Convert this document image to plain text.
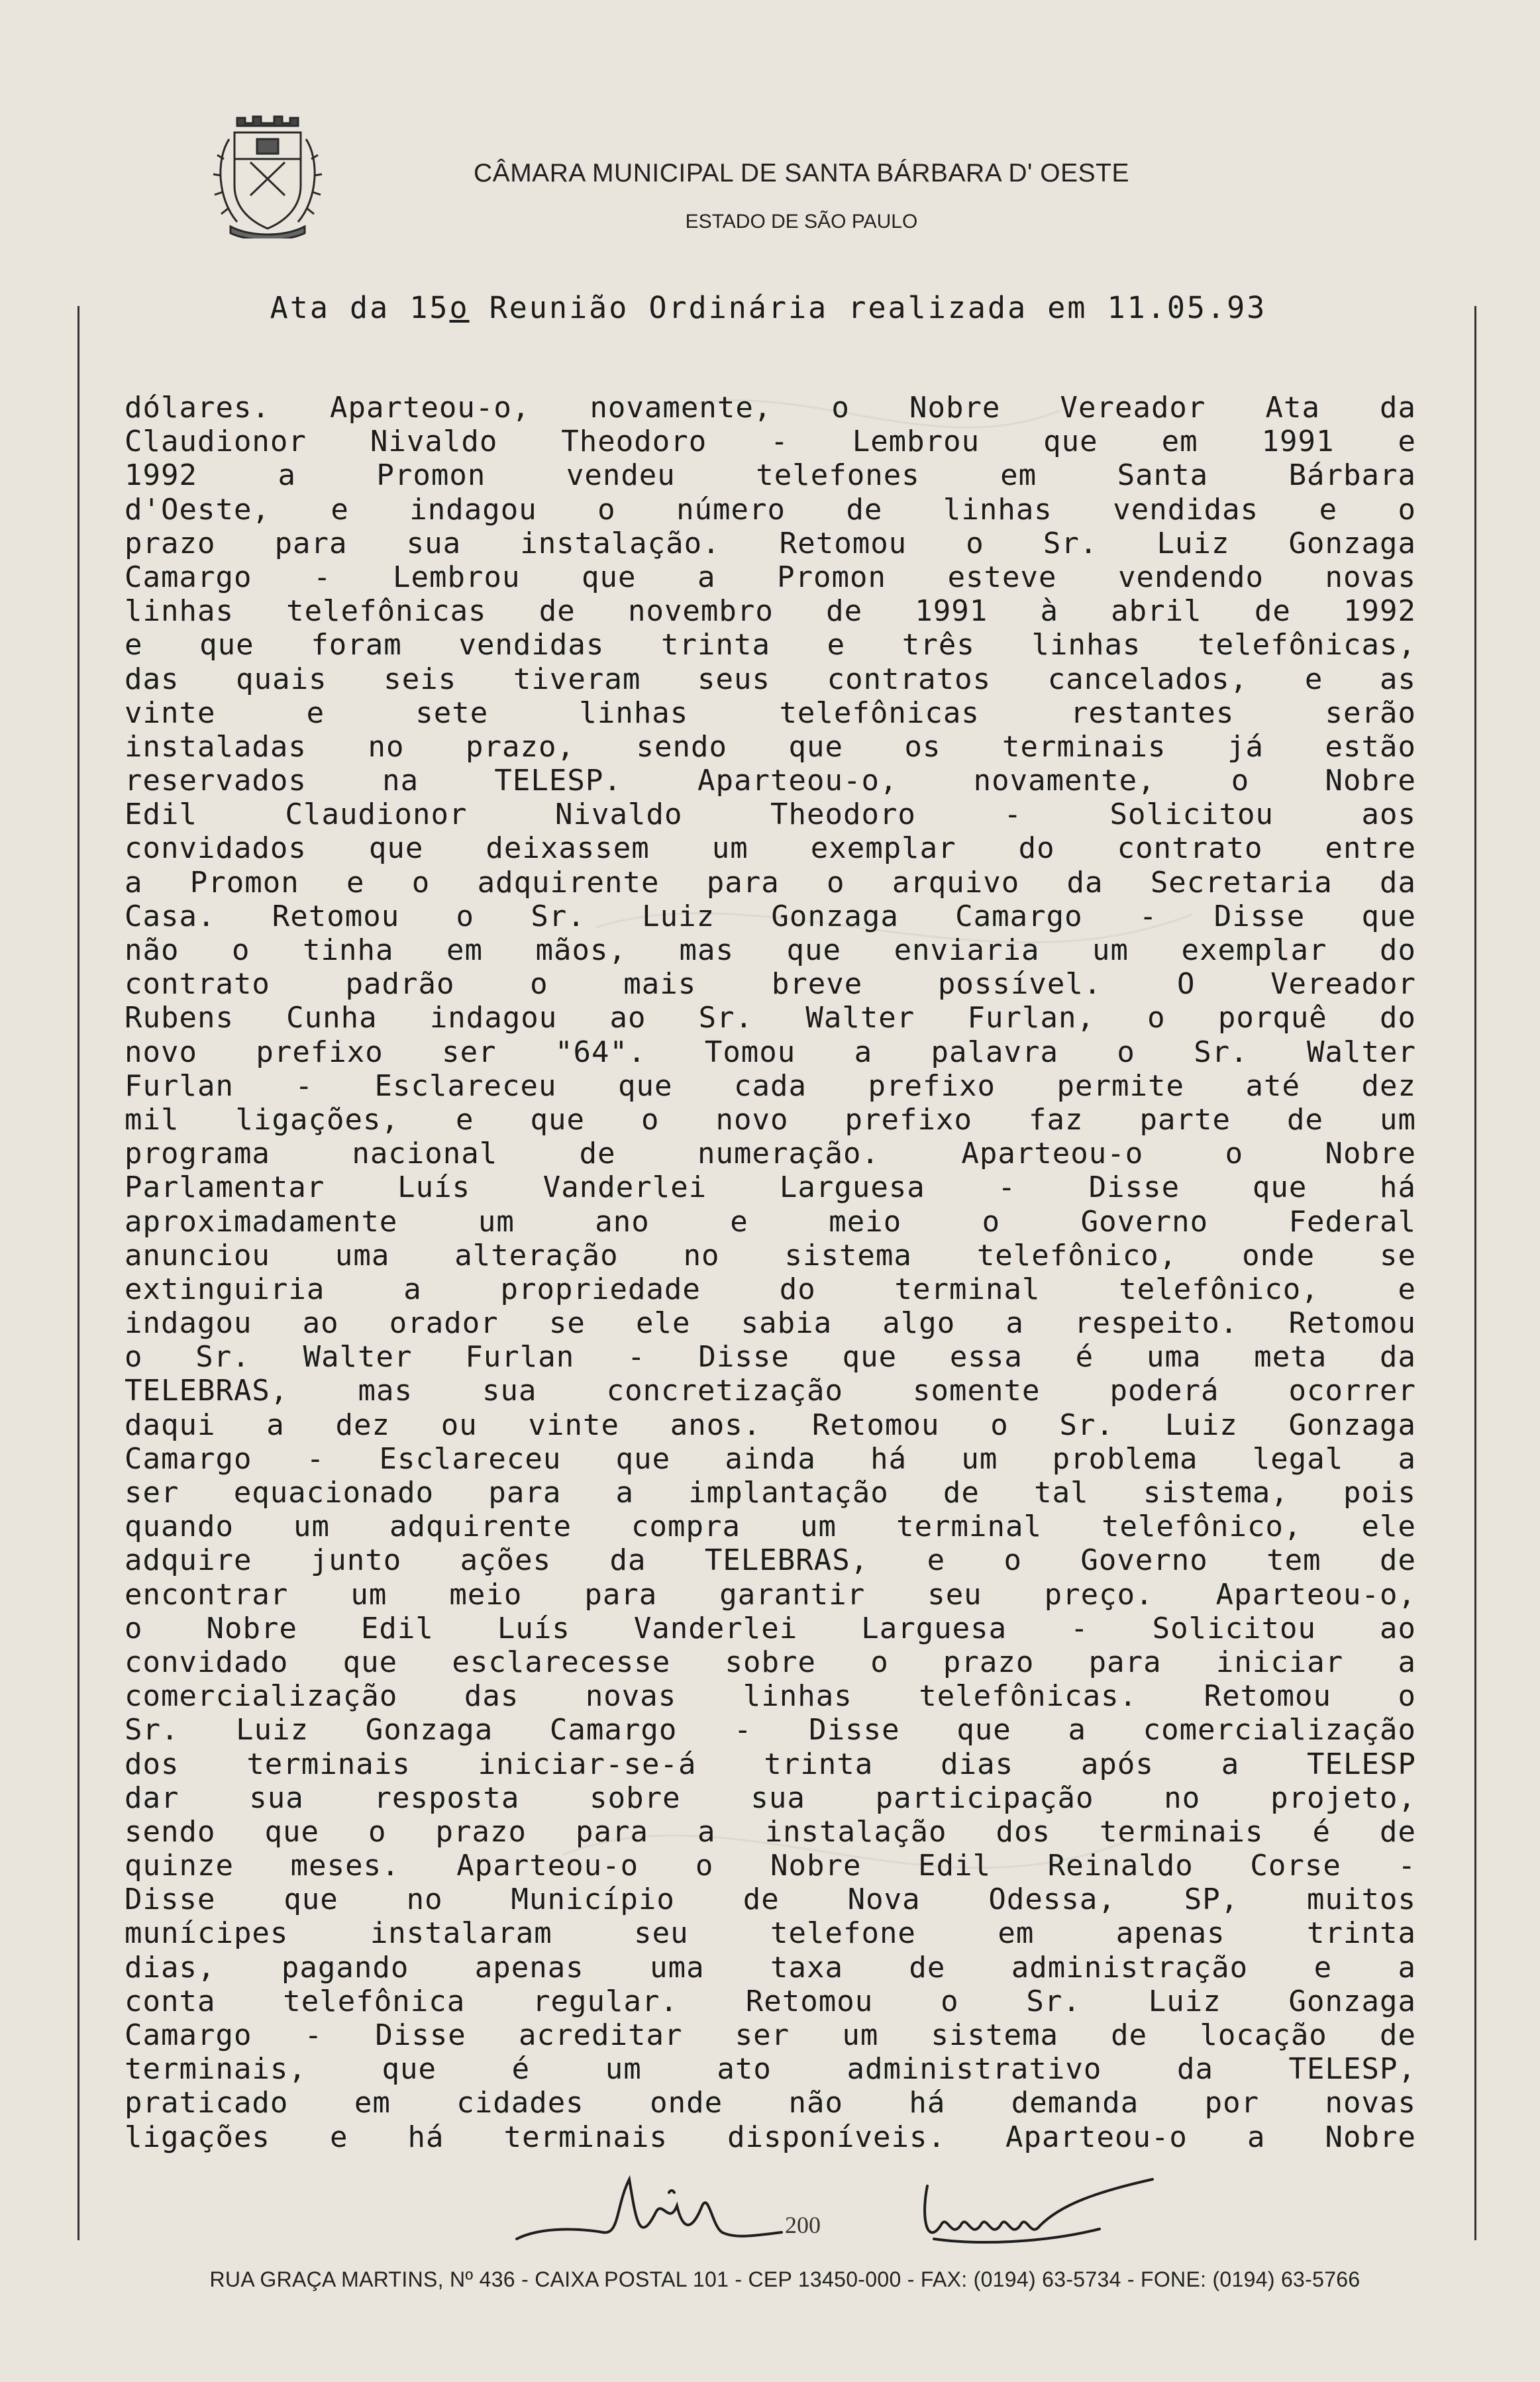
CÂMARA MUNICIPAL DE SANTA BÁRBARA D' OESTE
ESTADO DE SÃO PAULO
Ata da 15o Reunião Ordinária realizada em 11.05.93
dólares. Aparteou-o, novamente, o Nobre Vereador Ata da
Claudionor Nivaldo Theodoro - Lembrou que em 1991 e
1992 a Promon vendeu telefones em Santa Bárbara
d'Oeste, e indagou o número de linhas vendidas e o
prazo para sua instalação. Retomou o Sr. Luiz Gonzaga
Camargo - Lembrou que a Promon esteve vendendo novas
linhas telefônicas de novembro de 1991 à abril de 1992
e que foram vendidas trinta e três linhas telefônicas,
das quais seis tiveram seus contratos cancelados, e as
vinte e sete linhas telefônicas restantes serão
instaladas no prazo, sendo que os terminais já estão
reservados na TELESP. Aparteou-o, novamente, o Nobre
Edil Claudionor Nivaldo Theodoro - Solicitou aos
convidados que deixassem um exemplar do contrato entre
a Promon e o adquirente para o arquivo da Secretaria da
Casa. Retomou o Sr. Luiz Gonzaga Camargo - Disse que
não o tinha em mãos, mas que enviaria um exemplar do
contrato padrão o mais breve possível. O Vereador
Rubens Cunha indagou ao Sr. Walter Furlan, o porquê do
novo prefixo ser "64". Tomou a palavra o Sr. Walter
Furlan - Esclareceu que cada prefixo permite até dez
mil ligações, e que o novo prefixo faz parte de um
programa nacional de numeração. Aparteou-o o Nobre
Parlamentar Luís Vanderlei Larguesa - Disse que há
aproximadamente um ano e meio o Governo Federal
anunciou uma alteração no sistema telefônico, onde se
extinguiria a propriedade do terminal telefônico, e
indagou ao orador se ele sabia algo a respeito. Retomou
o Sr. Walter Furlan - Disse que essa é uma meta da
TELEBRAS, mas sua concretização somente poderá ocorrer
daqui a dez ou vinte anos. Retomou o Sr. Luiz Gonzaga
Camargo - Esclareceu que ainda há um problema legal a
ser equacionado para a implantação de tal sistema, pois
quando um adquirente compra um terminal telefônico, ele
adquire junto ações da TELEBRAS, e o Governo tem de
encontrar um meio para garantir seu preço. Aparteou-o,
o Nobre Edil Luís Vanderlei Larguesa - Solicitou ao
convidado que esclarecesse sobre o prazo para iniciar a
comercialização das novas linhas telefônicas. Retomou o
Sr. Luiz Gonzaga Camargo - Disse que a comercialização
dos terminais iniciar-se-á trinta dias após a TELESP
dar sua resposta sobre sua participação no projeto,
sendo que o prazo para a instalação dos terminais é de
quinze meses. Aparteou-o o Nobre Edil Reinaldo Corse -
Disse que no Município de Nova Odessa, SP, muitos
munícipes instalaram seu telefone em apenas trinta
dias, pagando apenas uma taxa de administração e a
conta telefônica regular. Retomou o Sr. Luiz Gonzaga
Camargo - Disse acreditar ser um sistema de locação de
terminais, que é um ato administrativo da TELESP,
praticado em cidades onde não há demanda por novas
ligações e há terminais disponíveis. Aparteou-o a Nobre
200
RUA GRAÇA MARTINS, Nº 436 - CAIXA POSTAL 101 - CEP 13450-000 - FAX: (0194) 63-5734 - FONE: (0194) 63-5766
